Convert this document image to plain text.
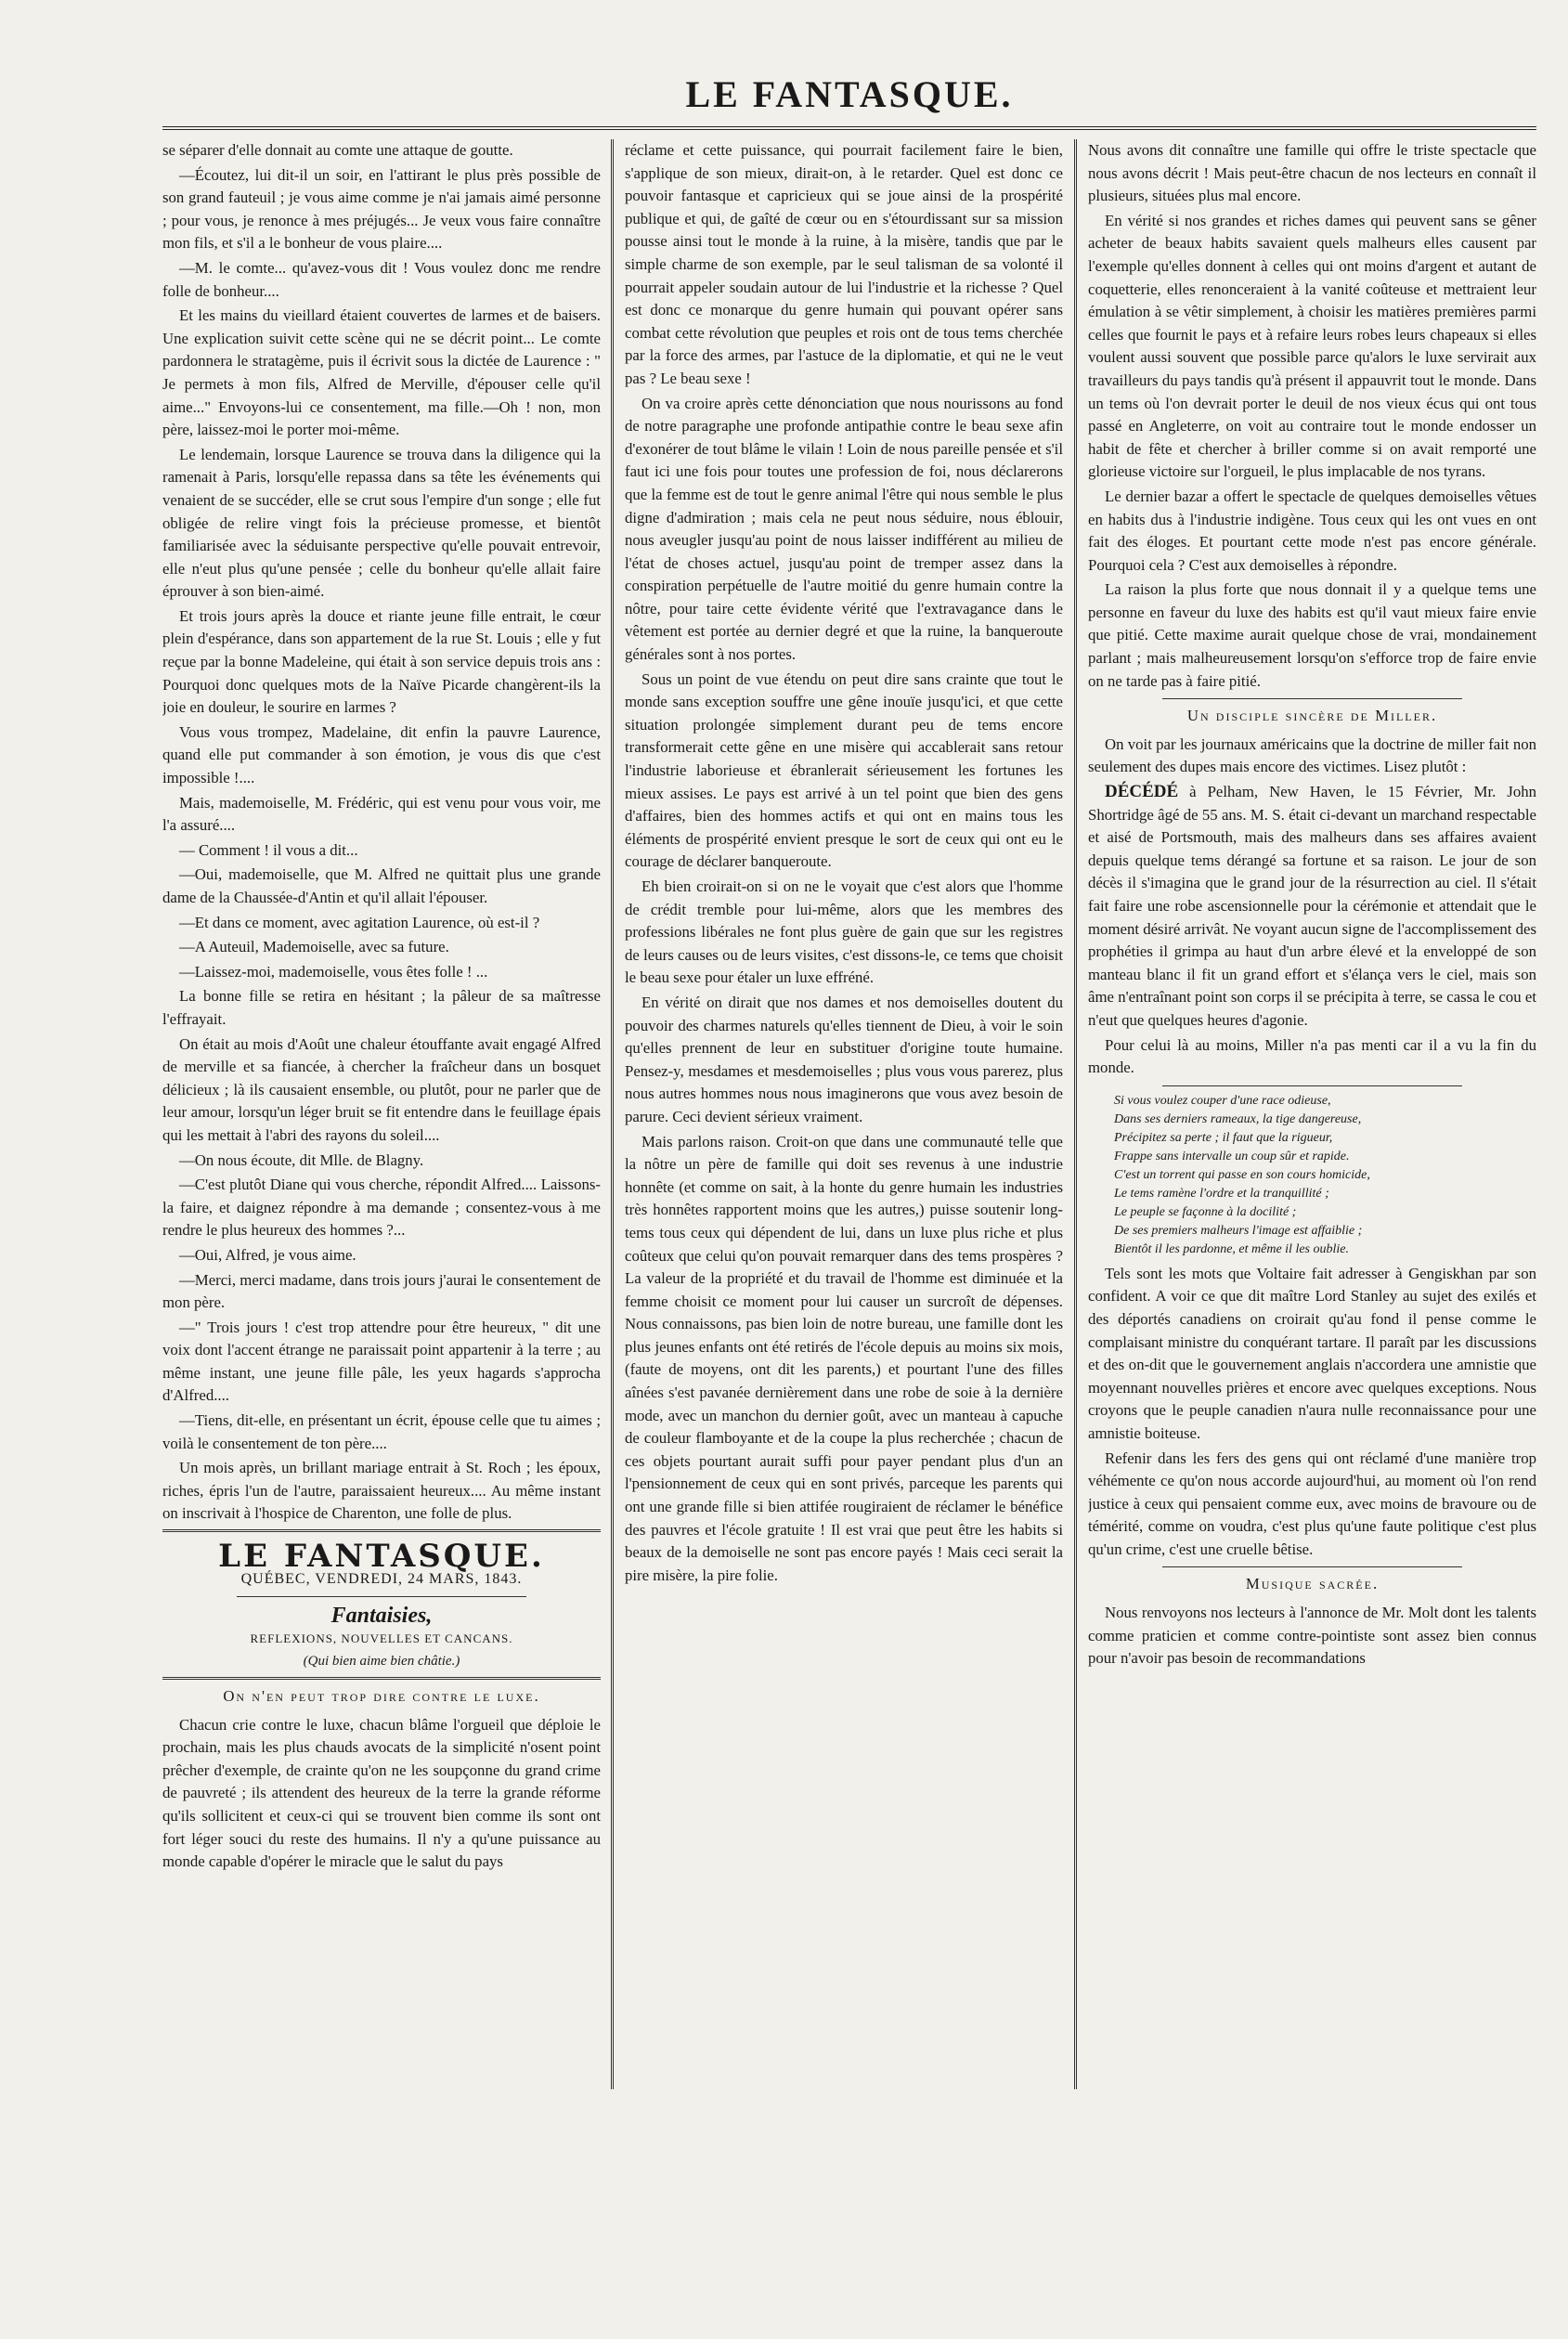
LE FANTASQUE.

se séparer d'elle donnait au comte une attaque de goutte.

—Écoutez, lui dit-il un soir, en l'attirant le plus près possible de son grand fauteuil ; je vous aime comme je n'ai jamais aimé personne ; pour vous, je renonce à mes préjugés... Je veux vous faire connaître mon fils, et s'il a le bonheur de vous plaire....

—M. le comte... qu'avez-vous dit ! Vous voulez donc me rendre folle de bonheur....

Et les mains du vieillard étaient couvertes de larmes et de baisers. Une explication suivit cette scène qui ne se décrit point... Le comte pardonnera le stratagème, puis il écrivit sous la dictée de Laurence : " Je permets à mon fils, Alfred de Merville, d'épouser celle qu'il aime..." Envoyons-lui ce consentement, ma fille.—Oh ! non, mon père, laissez-moi le porter moi-même.

Le lendemain, lorsque Laurence se trouva dans la diligence qui la ramenait à Paris, lorsqu'elle repassa dans sa tête les événements qui venaient de se succéder, elle se crut sous l'empire d'un songe ; elle fut obligée de relire vingt fois la précieuse promesse, et bientôt familiarisée avec la séduisante perspective qu'elle pouvait entrevoir, elle n'eut plus qu'une pensée ; celle du bonheur qu'elle allait faire éprouver à son bien-aimé.

Et trois jours après la douce et riante jeune fille entrait, le cœur plein d'espérance, dans son appartement de la rue St. Louis ; elle y fut reçue par la bonne Madeleine, qui était à son service depuis trois ans : Pourquoi donc quelques mots de la Naïve Picarde changèrent-ils la joie en douleur, le sourire en larmes ?

Vous vous trompez, Madelaine, dit enfin la pauvre Laurence, quand elle put commander à son émotion, je vous dis que c'est impossible !....

Mais, mademoiselle, M. Frédéric, qui est venu pour vous voir, me l'a assuré....

— Comment ! il vous a dit...

—Oui, mademoiselle, que M. Alfred ne quittait plus une grande dame de la Chaussée-d'Antin et qu'il allait l'épouser.

—Et dans ce moment, avec agitation Laurence, où est-il ?

—A Auteuil, Mademoiselle, avec sa future.

—Laissez-moi, mademoiselle, vous êtes folle ! ...

La bonne fille se retira en hésitant ; la pâleur de sa maîtresse l'effrayait.

On était au mois d'Août une chaleur étouffante avait engagé Alfred de merville et sa fiancée, à chercher la fraîcheur dans un bosquet délicieux ; là ils causaient ensemble, ou plutôt, pour ne parler que de leur amour, lorsqu'un léger bruit se fit entendre dans le feuillage épais qui les mettait à l'abri des rayons du soleil....

—On nous écoute, dit Mlle. de Blagny.

—C'est plutôt Diane qui vous cherche, répondit Alfred.... Laissons-la faire, et daignez répondre à ma demande ; consentez-vous à me rendre le plus heureux des hommes ?...

—Oui, Alfred, je vous aime.

—Merci, merci madame, dans trois jours j'aurai le consentement de mon père.

—" Trois jours ! c'est trop attendre pour être heureux, " dit une voix dont l'accent étrange ne paraissait point appartenir à la terre ; au même instant, une jeune fille pâle, les yeux hagards s'approcha d'Alfred....

—Tiens, dit-elle, en présentant un écrit, épouse celle que tu aimes ; voilà le consentement de ton père....

Un mois après, un brillant mariage entrait à St. Roch ; les époux, riches, épris l'un de l'autre, paraissaient heureux.... Au même instant on inscrivait à l'hospice de Charenton, une folle de plus.

LE FANTASQUE.
QUÉBEC, VENDREDI, 24 MARS, 1843.
Fantaisies,
REFLEXIONS, NOUVELLES ET CANCANS.
(Qui bien aime bien châtie.)
On n'en peut trop dire contre le luxe.

Chacun crie contre le luxe, chacun blâme l'orgueil que déploie le prochain, mais les plus chauds avocats de la simplicité n'osent point prêcher d'exemple, de crainte qu'on ne les soupçonne du grand crime de pauvreté ; ils attendent des heureux de la terre la grande réforme qu'ils sollicitent et ceux-ci qui se trouvent bien comme ils sont ont fort léger souci du reste des humains. Il n'y a qu'une puissance au monde capable d'opérer le miracle que le salut du pays

réclame et cette puissance, qui pourrait facilement faire le bien, s'applique de son mieux, dirait-on, à le retarder. Quel est donc ce pouvoir fantasque et capricieux qui se joue ainsi de la prospérité publique et qui, de gaîté de cœur ou en s'étourdissant sur sa mission pousse ainsi tout le monde à la ruine, à la misère, tandis que par le simple charme de son exemple, par le seul talisman de sa volonté il pourrait appeler soudain autour de lui l'industrie et la richesse ? Quel est donc ce monarque du genre humain qui pouvant opérer sans combat cette révolution que peuples et rois ont de tous tems cherchée par la force des armes, par l'astuce de la diplomatie, et qui ne le veut pas ? Le beau sexe !

On va croire après cette dénonciation que nous nourissons au fond de notre paragraphe une profonde antipathie contre le beau sexe afin d'exonérer de tout blâme le vilain ! Loin de nous pareille pensée et s'il faut ici une fois pour toutes une profession de foi, nous déclarerons que la femme est de tout le genre animal l'être qui nous semble le plus digne d'admiration ; mais cela ne peut nous séduire, nous éblouir, nous aveugler jusqu'au point de nous laisser indifférent au milieu de l'état de choses actuel, jusqu'au point de tremper assez dans la conspiration perpétuelle de l'autre moitié du genre humain contre la nôtre, pour taire cette évidente vérité que l'extravagance dans le vêtement est portée au dernier degré et que la ruine, la banqueroute générales sont à nos portes.

Sous un point de vue étendu on peut dire sans crainte que tout le monde sans exception souffre une gêne inouïe jusqu'ici, et que cette situation prolongée simplement durant peu de tems encore transformerait cette gêne en une misère qui accablerait sans retour l'industrie laborieuse et ébranlerait sérieusement les fortunes les mieux assises. Le pays est arrivé à un tel point que bien des gens d'affaires, bien des hommes actifs et qui ont en mains tous les éléments de prospérité envient presque le sort de ceux qui ont eu le courage de déclarer banqueroute.

Eh bien croirait-on si on ne le voyait que c'est alors que l'homme de crédit tremble pour lui-même, alors que les membres des professions libérales ne font plus guère de gain que sur les registres de leurs causes ou de leurs visites, c'est dissons-le, ce tems que choisit le beau sexe pour étaler un luxe effréné.

En vérité on dirait que nos dames et nos demoiselles doutent du pouvoir des charmes naturels qu'elles tiennent de Dieu, à voir le soin qu'elles prennent de leur en substituer d'origine toute humaine. Pensez-y, mesdames et mesdemoiselles ; plus vous vous parerez, plus nous autres hommes nous nous imaginerons que vous avez besoin de parure. Ceci devient sérieux vraiment.

Mais parlons raison. Croit-on que dans une communauté telle que la nôtre un père de famille qui doit ses revenus à une industrie honnête (et comme on sait, à la honte du genre humain les industries très honnêtes rapportent moins que les autres,) puisse soutenir long-tems tous ceux qui dépendent de lui, dans un luxe plus riche et plus coûteux que celui qu'on pouvait remarquer dans des tems prospères ? La valeur de la propriété et du travail de l'homme est diminuée et la femme choisit ce moment pour lui causer un surcroît de dépenses. Nous connaissons, pas bien loin de notre bureau, une famille dont les plus jeunes enfants ont été retirés de l'école depuis au moins six mois, (faute de moyens, ont dit les parents,) et pourtant l'une des filles aînées s'est pavanée dernièrement dans une robe de soie à la dernière mode, avec un manchon du dernier goût, avec un manteau à capuche de couleur flamboyante et de la coupe la plus recherchée ; chacun de ces objets pourtant aurait suffi pour payer pendant plus d'un an l'pensionnement de ceux qui en sont privés, parceque les parents qui ont une grande fille si bien attifée rougiraient de réclamer le bénéfice des pauvres et l'école gratuite ! Il est vrai que peut être les habits si beaux de la demoiselle ne sont pas encore payés ! Mais ceci serait la pire misère, la pire folie.

Nous avons dit connaître une famille qui offre le triste spectacle que nous avons décrit ! Mais peut-être chacun de nos lecteurs en connaît il plusieurs, situées plus mal encore.

En vérité si nos grandes et riches dames qui peuvent sans se gêner acheter de beaux habits savaient quels malheurs elles causent par l'exemple qu'elles donnent à celles qui ont moins d'argent et autant de coquetterie, elles renonceraient à la vanité coûteuse et mettraient leur émulation à se vêtir simplement, à choisir les matières premières parmi celles que fournit le pays et à refaire leurs robes leurs chapeaux si elles voulent aussi souvent que possible parce qu'alors le luxe servirait aux travailleurs du pays tandis qu'à présent il appauvrit tout le monde. Dans un tems où l'on devrait porter le deuil de nos vieux écus qui ont tous passé en Angleterre, on voit au contraire tout le monde endosser un habit de fête et chercher à briller comme si on avait remporté une glorieuse victoire sur l'orgueil, le plus implacable de nos tyrans.

Le dernier bazar a offert le spectacle de quelques demoiselles vêtues en habits dus à l'industrie indigène. Tous ceux qui les ont vues en ont fait des éloges. Et pourtant cette mode n'est pas encore générale. Pourquoi cela ? C'est aux demoiselles à répondre.

La raison la plus forte que nous donnait il y a quelque tems une personne en faveur du luxe des habits est qu'il vaut mieux faire envie que pitié. Cette maxime aurait quelque chose de vrai, mondainement parlant ; mais malheureusement lorsqu'on s'efforce trop de faire envie on ne tarde pas à faire pitié.

Un disciple sincère de Miller.

On voit par les journaux américains que la doctrine de miller fait non seulement des dupes mais encore des victimes. Lisez plutôt :

DÉCÉDÉ à Pelham, New Haven, le 15 Février, Mr. John Shortridge âgé de 55 ans. M. S. était ci-devant un marchand respectable et aisé de Portsmouth, mais des malheurs dans ses affaires avaient depuis quelque tems dérangé sa fortune et sa raison. Le jour de son décès il s'imagina que le grand jour de la résurrection au ciel. Il s'était fait faire une robe ascensionnelle pour la cérémonie et attendait que le moment désiré arrivât. Ne voyant aucun signe de l'accomplissement des prophéties il grimpa au haut d'un arbre élevé et la enveloppé de son manteau blanc il fit un grand effort et s'élança vers le ciel, mais son âme n'entraînant point son corps il se précipita à terre, se cassa le cou et n'eut que quelques heures d'agonie.

Pour celui là au moins, Miller n'a pas menti car il a vu la fin du monde.

Si vous voulez couper d'une race odieuse,
Dans ses derniers rameaux, la tige dangereuse,
Précipitez sa perte ; il faut que la rigueur,
Frappe sans intervalle un coup sûr et rapide.
C'est un torrent qui passe en son cours homicide,
Le tems ramène l'ordre et la tranquillité ;
Le peuple se façonne à la docilité ;
De ses premiers malheurs l'image est affaiblie ;
Bientôt il les pardonne, et même il les oublie.

Tels sont les mots que Voltaire fait adresser à Gengiskhan par son confident. A voir ce que dit maître Lord Stanley au sujet des exilés et des déportés canadiens on croirait qu'au fond il pense comme le complaisant ministre du conquérant tartare. Il paraît par les discussions et des on-dit que le gouvernement anglais n'accordera une amnistie que moyennant nouvelles prières et encore avec quelques exceptions. Nous croyons que le peuple canadien n'aura nulle reconnaissance pour une amnistie boiteuse.

Refenir dans les fers des gens qui ont réclamé d'une manière trop véhémente ce qu'on nous accorde aujourd'hui, au moment où l'on rend justice à ceux qui pensaient comme eux, avec moins de bravoure ou de témérité, comme on voudra, c'est plus qu'une faute politique c'est plus qu'un crime, c'est une cruelle bêtise.

Musique sacrée.

Nous renvoyons nos lecteurs à l'annonce de Mr. Molt dont les talents comme praticien et comme contre-pointiste sont assez bien connus pour n'avoir pas besoin de recommandations
